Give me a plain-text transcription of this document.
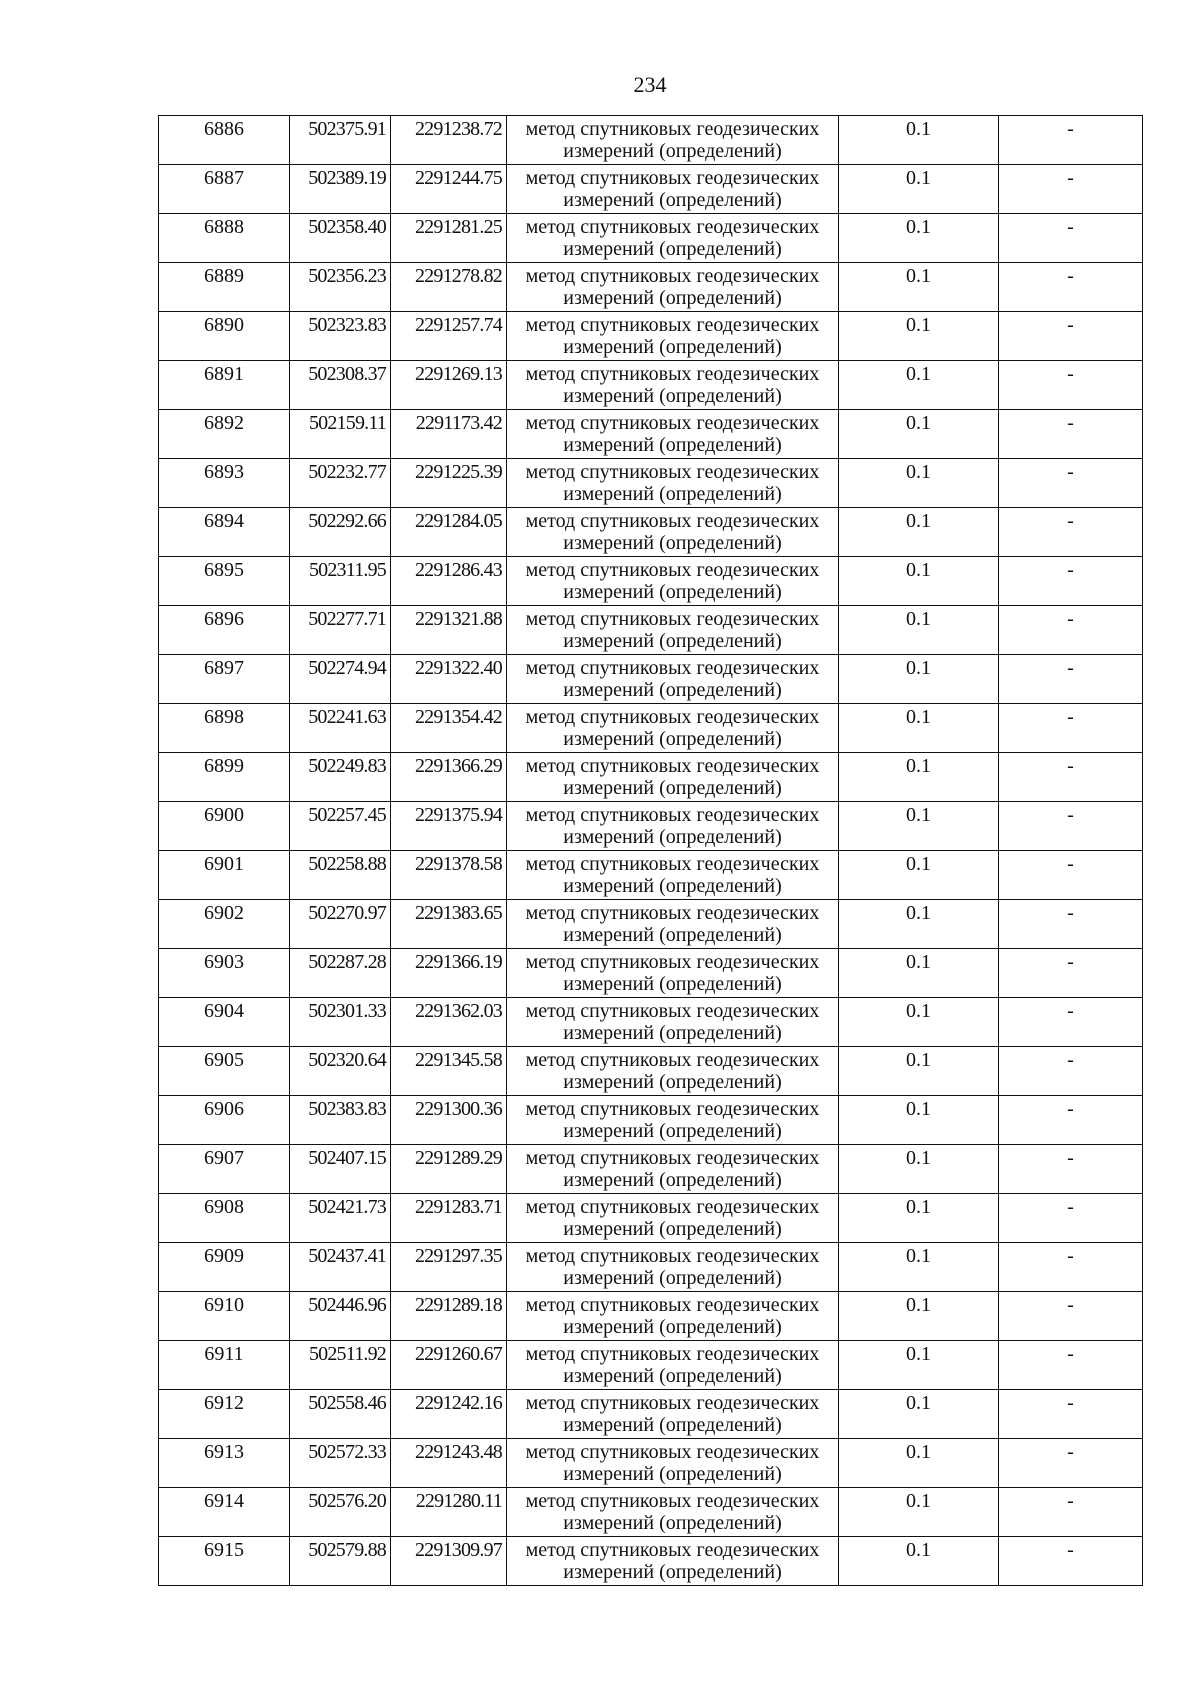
234
6886	502375.91	2291238.72	метод спутниковых геодезических измерений (определений)	0.1	-
6887	502389.19	2291244.75	метод спутниковых геодезических измерений (определений)	0.1	-
6888	502358.40	2291281.25	метод спутниковых геодезических измерений (определений)	0.1	-
6889	502356.23	2291278.82	метод спутниковых геодезических измерений (определений)	0.1	-
6890	502323.83	2291257.74	метод спутниковых геодезических измерений (определений)	0.1	-
6891	502308.37	2291269.13	метод спутниковых геодезических измерений (определений)	0.1	-
6892	502159.11	2291173.42	метод спутниковых геодезических измерений (определений)	0.1	-
6893	502232.77	2291225.39	метод спутниковых геодезических измерений (определений)	0.1	-
6894	502292.66	2291284.05	метод спутниковых геодезических измерений (определений)	0.1	-
6895	502311.95	2291286.43	метод спутниковых геодезических измерений (определений)	0.1	-
6896	502277.71	2291321.88	метод спутниковых геодезических измерений (определений)	0.1	-
6897	502274.94	2291322.40	метод спутниковых геодезических измерений (определений)	0.1	-
6898	502241.63	2291354.42	метод спутниковых геодезических измерений (определений)	0.1	-
6899	502249.83	2291366.29	метод спутниковых геодезических измерений (определений)	0.1	-
6900	502257.45	2291375.94	метод спутниковых геодезических измерений (определений)	0.1	-
6901	502258.88	2291378.58	метод спутниковых геодезических измерений (определений)	0.1	-
6902	502270.97	2291383.65	метод спутниковых геодезических измерений (определений)	0.1	-
6903	502287.28	2291366.19	метод спутниковых геодезических измерений (определений)	0.1	-
6904	502301.33	2291362.03	метод спутниковых геодезических измерений (определений)	0.1	-
6905	502320.64	2291345.58	метод спутниковых геодезических измерений (определений)	0.1	-
6906	502383.83	2291300.36	метод спутниковых геодезических измерений (определений)	0.1	-
6907	502407.15	2291289.29	метод спутниковых геодезических измерений (определений)	0.1	-
6908	502421.73	2291283.71	метод спутниковых геодезических измерений (определений)	0.1	-
6909	502437.41	2291297.35	метод спутниковых геодезических измерений (определений)	0.1	-
6910	502446.96	2291289.18	метод спутниковых геодезических измерений (определений)	0.1	-
6911	502511.92	2291260.67	метод спутниковых геодезических измерений (определений)	0.1	-
6912	502558.46	2291242.16	метод спутниковых геодезических измерений (определений)	0.1	-
6913	502572.33	2291243.48	метод спутниковых геодезических измерений (определений)	0.1	-
6914	502576.20	2291280.11	метод спутниковых геодезических измерений (определений)	0.1	-
6915	502579.88	2291309.97	метод спутниковых геодезических измерений (определений)	0.1	-
